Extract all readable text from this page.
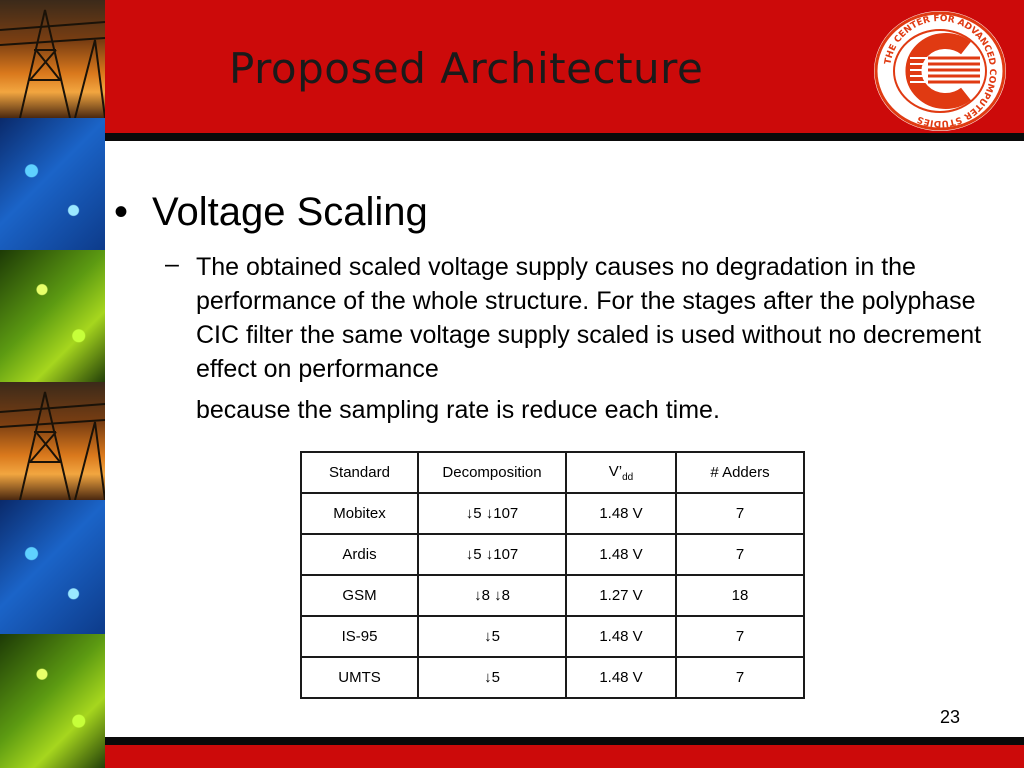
Proposed Architecture	THE CENTER FOR ADVANCED COMPUTER STUDIES
• Voltage Scaling
– The obtained scaled voltage supply causes no degradation in the performance of the whole structure. For the stages after the polyphase CIC filter the same voltage supply scaled is used without no decrement effect on performance
because the sampling rate is reduce each time.
Standard	Decomposition	$V’_{dd}$	# Adders
Mobitex	↓5 ↓107	1.48 V	7
Ardis	↓5 ↓107	1.48 V	7
GSM	↓8 ↓8	1.27 V	18
IS-95	↓5	1.48 V	7
UMTS	↓5	1.48 V	7
23
